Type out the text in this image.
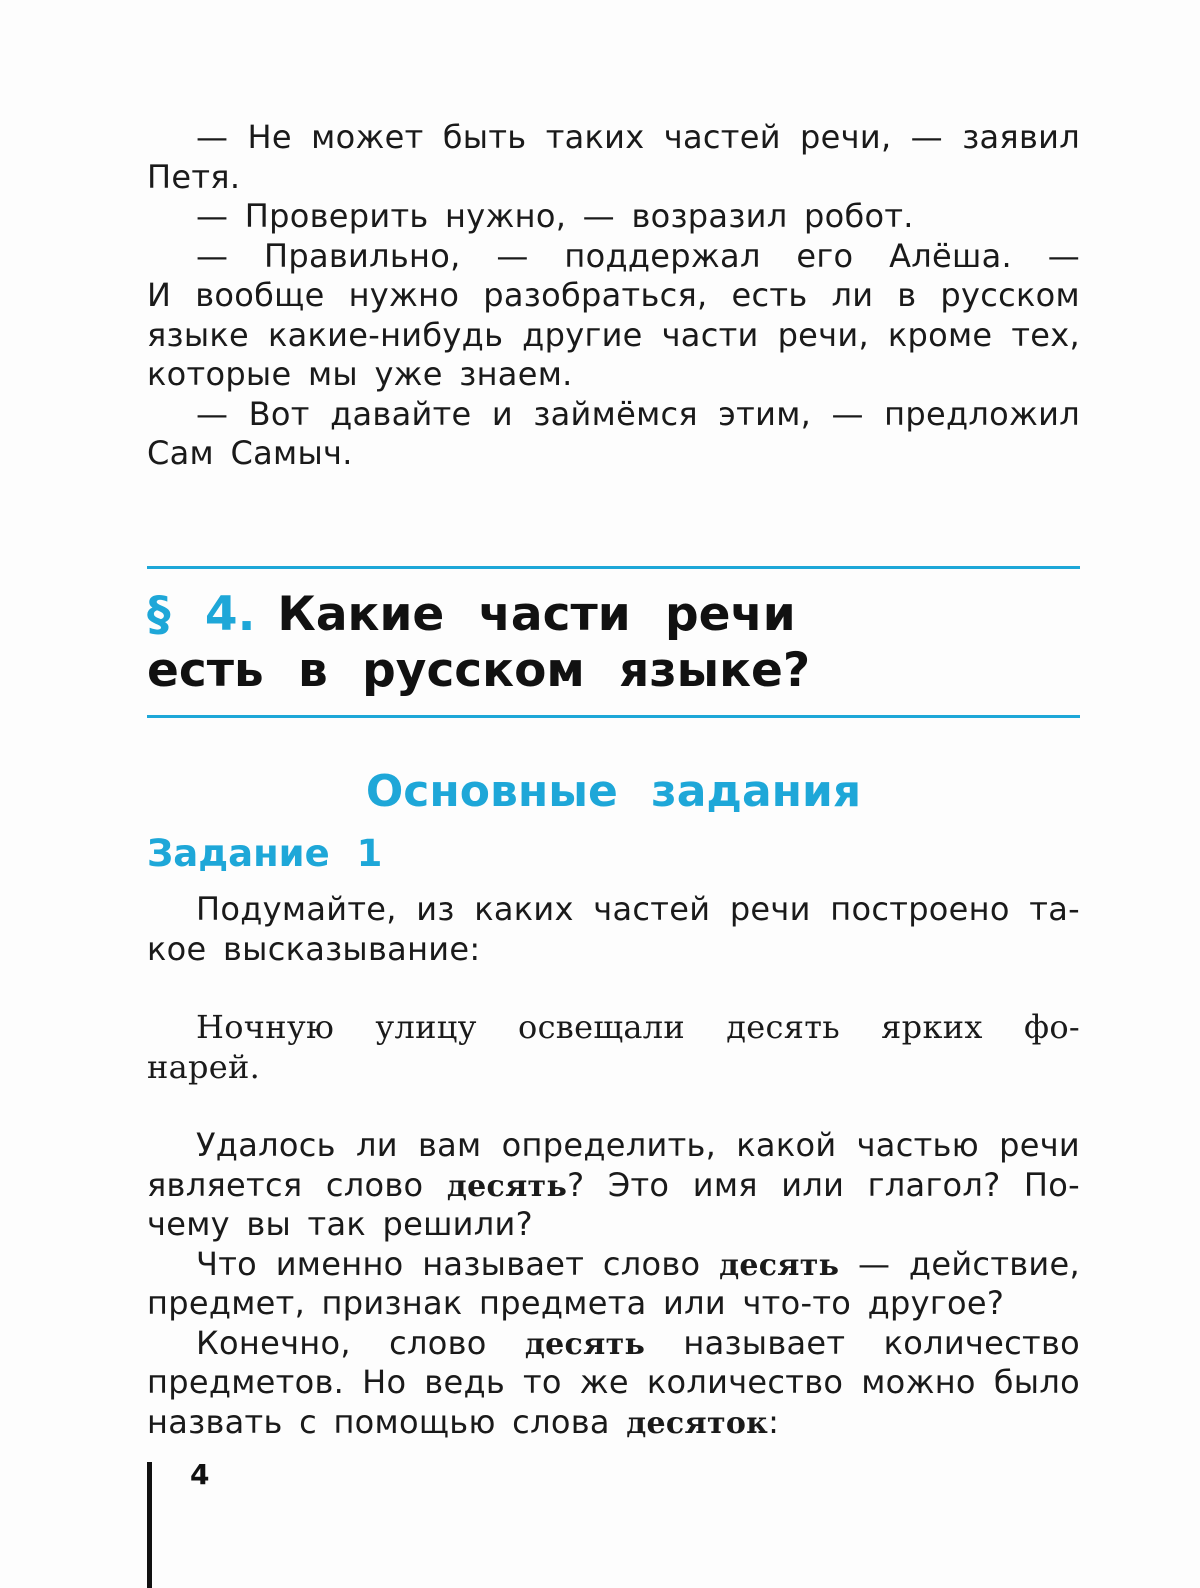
— Не может быть таких частей речи, — заявил
Петя.
— Проверить нужно, — возразил робот.
— Правильно, — поддержал его Алёша. —
И вообще нужно разобраться, есть ли в русском
языке какие-нибудь другие части речи, кроме тех,
которые мы уже знаем.
— Вот давайте и займёмся этим, — предложил
Сам Самыч.
§ 4. Какие части речи
есть в русском языке?
Основные задания
Задание 1
Подумайте, из каких частей речи построено та-
кое высказывание:
Ночную улицу освещали десять ярких фо-
нарей.
Удалось ли вам определить, какой частью речи
является слово десять? Это имя или глагол? По-
чему вы так решили?
Что именно называет слово десять — действие,
предмет, признак предмета или что-то другое?
Конечно, слово десять называет количество
предметов. Но ведь то же количество можно было
назвать с помощью слова десяток:
4
